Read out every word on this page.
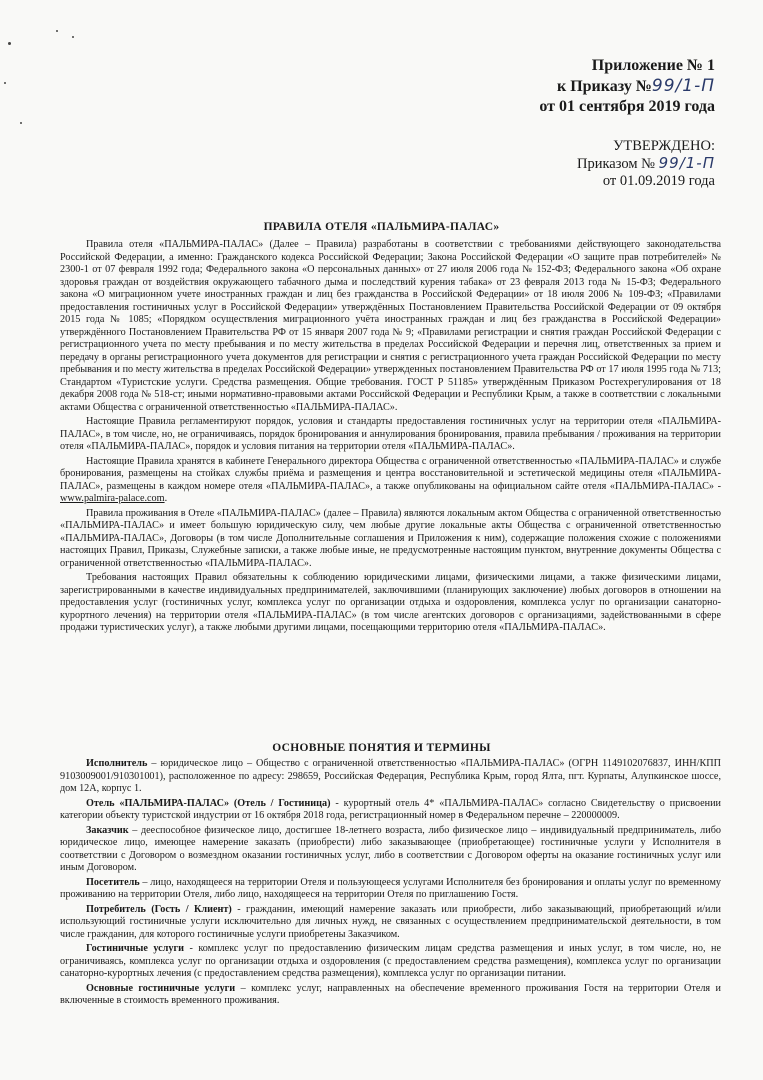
Приложение № 1
к Приказу №99/1-П
от 01 сентября 2019 года
УТВЕРЖДЕНО:
Приказом № 99/1-П
от 01.09.2019 года
ПРАВИЛА ОТЕЛЯ «ПАЛЬМИРА-ПАЛАС»

Правила отеля «ПАЛЬМИРА-ПАЛАС» (Далее – Правила) разработаны в соответствии с требованиями действующего законодательства Российской Федерации, а именно: Гражданского кодекса Российской Федерации; Закона Российской Федерации «О защите прав потребителей» № 2300-1 от 07 февраля 1992 года; Федерального закона «О персональных данных» от 27 июля 2006 года № 152-ФЗ; Федерального закона «Об охране здоровья граждан от воздействия окружающего табачного дыма и последствий курения табака» от 23 февраля 2013 года № 15-ФЗ; Федерального закона «О миграционном учете иностранных граждан и лиц без гражданства в Российской Федерации» от 18 июля 2006 № 109-ФЗ; «Правилами предоставления гостиничных услуг в Российской Федерации» утверждённых Постановлением Правительства Российской Федерации от 09 октября 2015 года № 1085; «Порядком осуществления миграционного учёта иностранных граждан и лиц без гражданства в Российской Федерации» утверждённого Постановлением Правительства РФ от 15 января 2007 года № 9; «Правилами регистрации и снятия граждан Российской Федерации с регистрационного учета по месту пребывания и по месту жительства в пределах Российской Федерации и перечня лиц, ответственных за прием и передачу в органы регистрационного учета документов для регистрации и снятия с регистрационного учета граждан Российской Федерации по месту пребывания и по месту жительства в пределах Российской Федерации» утвержденных постановлением Правительства РФ от 17 июля 1995 года № 713; Стандартом «Туристские услуги. Средства размещения. Общие требования. ГОСТ Р 51185» утверждённым Приказом Ростехрегулирования от 18 декабря 2008 года № 518-ст; иными нормативно-правовыми актами Российской Федерации и Республики Крым, а также в соответствии с локальными актами Общества с ограниченной ответственностью «ПАЛЬМИРА-ПАЛАС».

Настоящие Правила регламентируют порядок, условия и стандарты предоставления гостиничных услуг на территории отеля «ПАЛЬМИРА-ПАЛАС», в том числе, но, не ограничиваясь, порядок бронирования и аннулирования бронирования, правила пребывания / проживания на территории отеля «ПАЛЬМИРА-ПАЛАС», порядок и условия питания на территории отеля «ПАЛЬМИРА-ПАЛАС».

Настоящие Правила хранятся в кабинете Генерального директора Общества с ограниченной ответственностью «ПАЛЬМИРА-ПАЛАС» и службе бронирования, размещены на стойках службы приёма и размещения и центра восстановительной и эстетической медицины отеля «ПАЛЬМИРА-ПАЛАС», размещены в каждом номере отеля «ПАЛЬМИРА-ПАЛАС», а также опубликованы на официальном сайте отеля «ПАЛЬМИРА-ПАЛАС» - www.palmira-palace.com.

Правила проживания в Отеле «ПАЛЬМИРА-ПАЛАС» (далее – Правила) являются локальным актом Общества с ограниченной ответственностью «ПАЛЬМИРА-ПАЛАС» и имеет большую юридическую силу, чем любые другие локальные акты Общества с ограниченной ответственностью «ПАЛЬМИРА-ПАЛАС», Договоры (в том числе Дополнительные соглашения и Приложения к ним), содержащие положения схожие с положениями настоящих Правил, Приказы, Служебные записки, а также любые иные, не предусмотренные настоящим пунктом, внутренние документы Общества с ограниченной ответственностью «ПАЛЬМИРА-ПАЛАС».

Требования настоящих Правил обязательны к соблюдению юридическими лицами, физическими лицами, а также физическими лицами, зарегистрированными в качестве индивидуальных предпринимателей, заключившими (планирующих заключение) любых договоров в отношении на предоставления услуг (гостиничных услуг, комплекса услуг по организации отдыха и оздоровления, комплекса услуг по организации санаторно-курортного лечения) на территории отеля «ПАЛЬМИРА-ПАЛАС» (в том числе агентских договоров с организациями, задействованными в сфере продажи туристических услуг), а также любыми другими лицами, посещающими территорию отеля «ПАЛЬМИРА-ПАЛАС».

ОСНОВНЫЕ ПОНЯТИЯ И ТЕРМИНЫ

Исполнитель – юридическое лицо – Общество с ограниченной ответственностью «ПАЛЬМИРА-ПАЛАС» (ОГРН 1149102076837, ИНН/КПП 9103009001/910301001), расположенное по адресу: 298659, Российская Федерация, Республика Крым, город Ялта, пгт. Курпаты, Алупкинское шоссе, дом 12А, корпус 1.

Отель «ПАЛЬМИРА-ПАЛАС» (Отель / Гостиница) - курортный отель 4* «ПАЛЬМИРА-ПАЛАС» согласно Свидетельству о присвоении категории объекту туристской индустрии от 16 октября 2018 года, регистрационный номер в Федеральном перечне – 220000009.

Заказчик – дееспособное физическое лицо, достигшее 18-летнего возраста, либо физическое лицо – индивидуальный предприниматель, либо юридическое лицо, имеющее намерение заказать (приобрести) либо заказывающее (приобретающее) гостиничные услуги у Исполнителя в соответствии с Договором о возмездном оказании гостиничных услуг, либо в соответствии с Договором оферты на оказание гостиничных услуг или иным Договором.

Посетитель – лицо, находящееся на территории Отеля и пользующееся услугами Исполнителя без бронирования и оплаты услуг по временному проживанию на территории Отеля, либо лицо, находящееся на территории Отеля по приглашению Гостя.

Потребитель (Гость / Клиент) - гражданин, имеющий намерение заказать или приобрести, либо заказывающий, приобретающий и/или использующий гостиничные услуги исключительно для личных нужд, не связанных с осуществлением предпринимательской деятельности, в том числе гражданин, для которого гостиничные услуги приобретены Заказчиком.

Гостиничные услуги - комплекс услуг по предоставлению физическим лицам средства размещения и иных услуг, в том числе, но, не ограничиваясь, комплекса услуг по организации отдыха и оздоровления (с предоставлением средства размещения), комплекса услуг по организации санаторно-курортных лечения (с предоставлением средства размещения), комплекса услуг по организации питании.

Основные гостиничные услуги – комплекс услуг, направленных на обеспечение временного проживания Гостя на территории Отеля и включенные в стоимость временного проживания.
